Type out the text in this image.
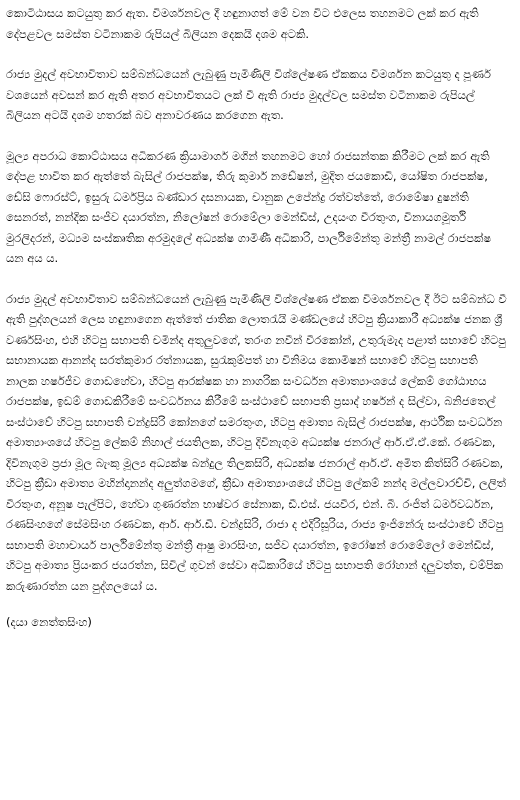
කොටිඨාසය කටයුතු කර ඇත. විමර්ශනවල දී හඳුනාගත් මේ වන විට එලෙස තහනමට ලක් කර ඇති දේපළවල සමස්ත වටිනාකම රුපියල් බිලියන දෙකයි දශම අටකි.

රාජ්‍ය මුදල් අවභාවිතාව සම්බන්ධයෙන් ලැබුණු පැමිණිලි විශ්ලේෂණ ඒකකය විමර්ශන කටයුතු ද පූර්ණ වශයෙන් අවසන් කර ඇති අතර අවභාවිතයට ලක් වී ඇති රාජ්‍ය මුදල්වල සමස්ත වටිනාකම රුපියල් බිලියන අටයි දශම හතරක් බව අනාවරණය කරගෙන ඇත.

මූල්‍ය අපරාධ කොට්ඨාසය අධිකරණ ක්‍රියාමාර්ග මගින් තහනමට හෝ රාජසන්තක කිරීමට ලක් කර ඇති දේපළ භාවිත කර ඇත්තේ බැසිල් රාජපක්ෂ, තිරු කුමාර් නඩේෂන්, මුදිත ජයකොඩි, යෝෂිත රාජපක්ෂ, ඩේසි ෆොරස්ට්, ඉසුරු ධර්මප්‍රිය බණ්ඩාර දසනායක, චානුක උපේන්ද්‍ර රත්වත්තේ, රොමේෂා දුෂන්ති සෙනරත්, නන්දික සංජීව දයාරත්න, නිලෝෂන් රොමේලා මෙන්ඩිස්, උදයංග වීරතුංග, විනායගමූර්ති මුරලිදරන්, මධ්‍යම සංස්කෘතික අරමුදලේ අධ්‍යක්ෂ ගාමිණී අධිකාරි, පාර්ලිමේන්තු මන්ත්‍රී නාමල් රාජපක්ෂ යන අය ය.

රාජ්‍ය මුදල් අවභාවිතාව සම්බන්ධයෙන් ලැබුණු පැමිණිලි විශ්ලේෂණ ඒකක විමර්ශනවල දී ඊට සම්බන්ධ වී ඇති පුද්ගලයන් ලෙස හඳුනාගෙන ඇත්තේ ජාතික ලොතරැයි මණ්ඩලයේ හිටපු ක්‍රියාකාරී අධ්‍යක්ෂ ජනක ශ්‍රී වර්ණසිංහ, එහි හිටපු සභාපති චමින්ද අතුලුවගේ, තරංග නවීන් වීරකෝන්, උතුරුමැද පළාත් සභාවේ හිටපු සභානායක ආනන්ද සරත්කුමාර රත්නායක, සුරැකුම්පත් හා විනිමය කොමිෂන් සභාවේ හිටපු සභාපති නාලක හර්ෂජීව ගොඩහේවා, හිටපු ආරක්ෂක හා නාගරික සංවර්ධන අමාත්‍යාංශයේ ලේකම් ගෝඨාභය රාජපක්ෂ, ඉඩම් ගොඩකිරීමේ සංවර්ධනය කිරීමේ සංස්ථාවේ සභාපති ප්‍රසාද් හර්ෂන් ද සිල්වා, බනිජතෙල් සංස්ථාවේ හිටපු සභාපති චන්ද්‍රසිරි කෝනගේ සමරතුංග, හිටපු අමාත්‍ය බැසිල් රාජපක්ෂ, ආර්ථික සංවර්ධන අමාත්‍යාංශයේ හිටපු ලේකම් නිහාල් ජයතිලක, හිටපු දිවිනැගුම අධ්‍යක්ෂ ජනරාල් ආර්.ඒ.ඒ.කේ. රණවක, දිවිනැගුම ප්‍රජා මූල බැංකු මූල්‍ය අධ්‍යක්ෂ බන්දුල තිලකසිරි, අධ්‍යක්ෂ ජනරාල් ආර්.ඒ. අමිත කිත්සිරි රණවක, හිටපු ක්‍රීඩා අමාත්‍ය මහින්දානන්ද අලුත්ගමගේ, ක්‍රීඩා අමාත්‍යාංශයේ හිටපු ලේකම් නන්ද මල්ලවාරච්චි, ලලිත් වීරතුංග, අනූෂ පැල්පිට, හේවා ගුණරත්න භාෂ්වර සේනාක, ඩී.එස්. ජයවීර, එන්. බී. රංජිත් ධර්මවර්ධන, රණසිංහගේ සේමසිංහ රණවක, ආර්. ආර්.ඩී. චන්ද්‍රසිරි, රාජා ද එදිරිසූරිය, රාජ්‍ය ඉංජිනේරු සංස්ථාවේ හිටපු සභාපති මහාචාර්ය පාර්ලිමේන්තු මන්ත්‍රී ආෂු මාරසිංහ, සජීව දයාරත්න, ඉරෝෂන් රොමේලෝ මෙන්ඩිස්, හිටපු අමාත්‍ය ප්‍රියංකර ජයරත්න, සිවිල් ගුවන් සේවා අධිකාරියේ හිටපු සභාපති රෝහාන් දලුවත්ත, චම්පික කරුණාරත්න යන පුද්ගලයෝ ය.

(දයා නෙත්තසිංහ)
